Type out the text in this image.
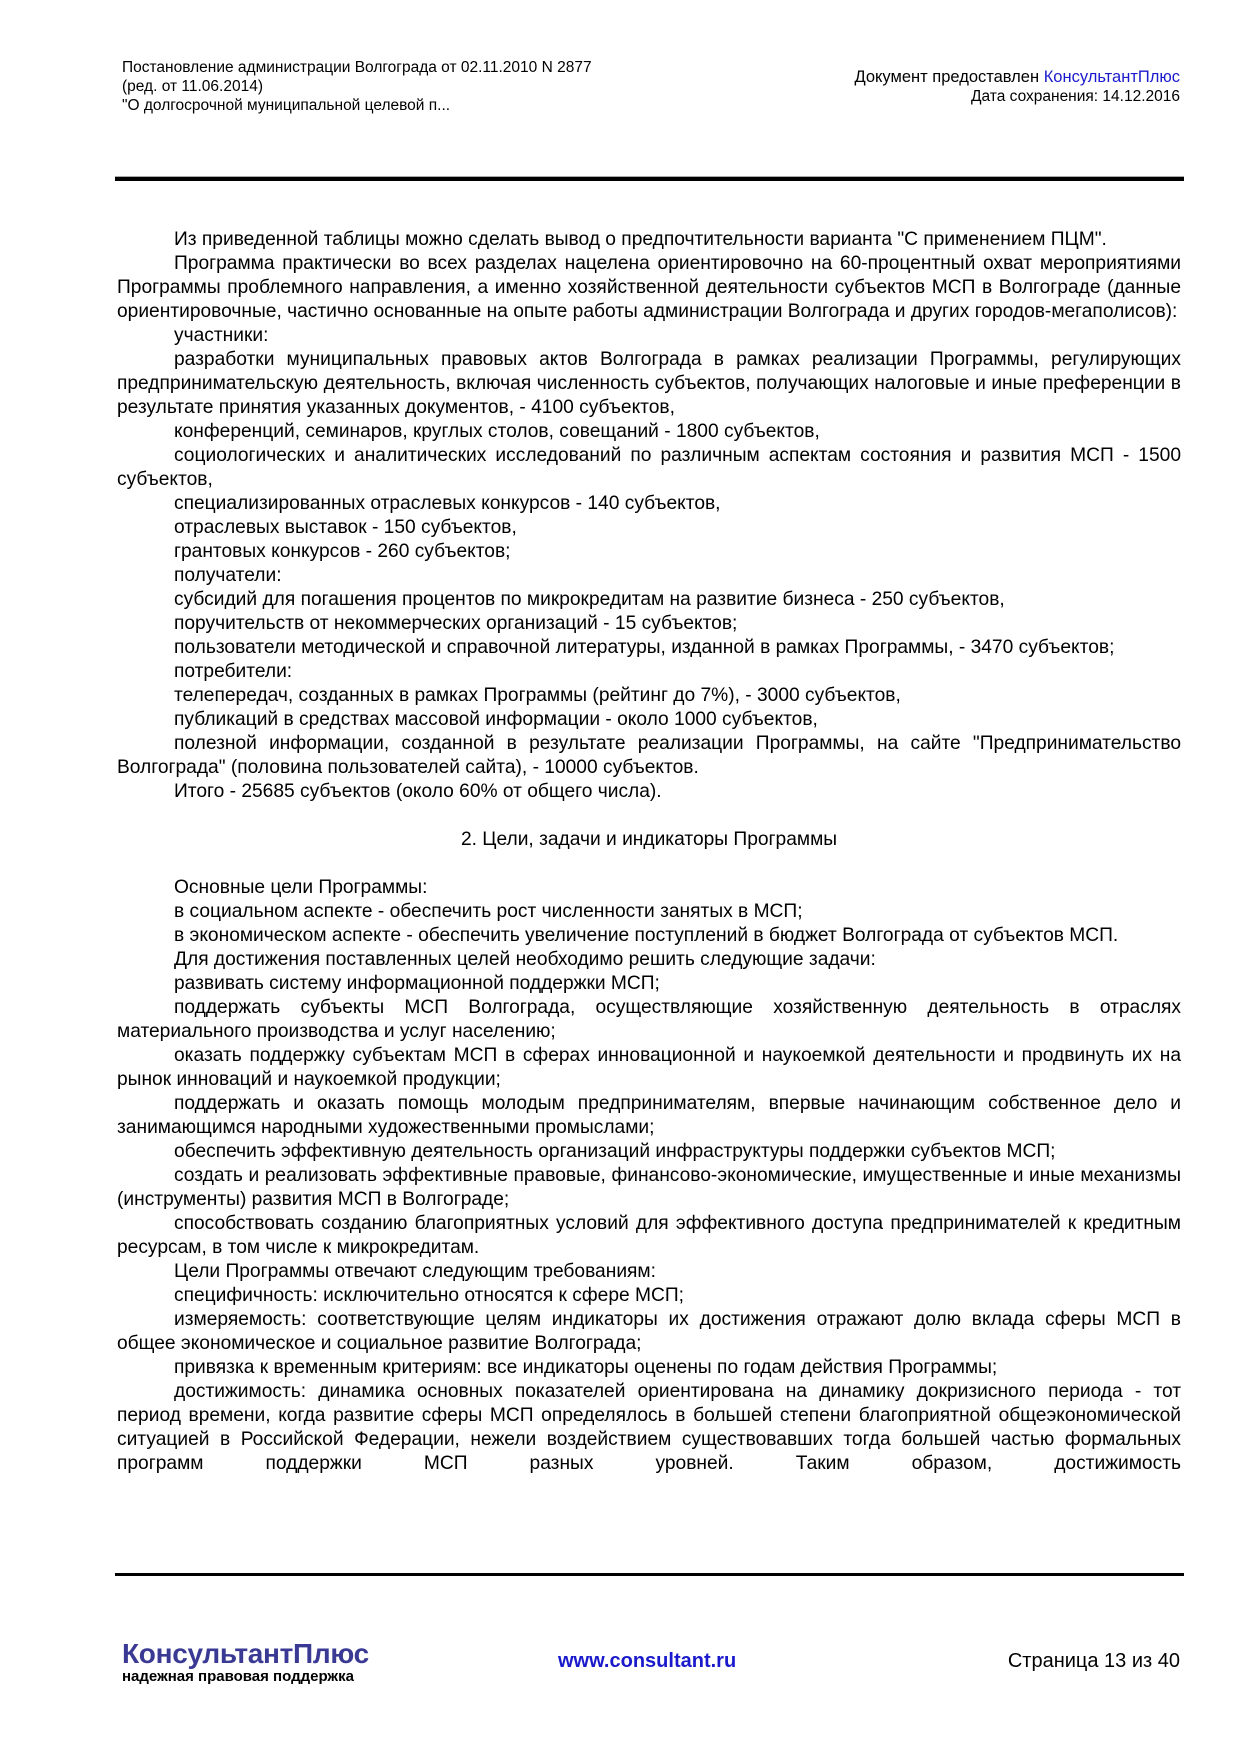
Постановление администрации Волгограда от 02.11.2010 N 2877
(ред. от 11.06.2014)
"О долгосрочной муниципальной целевой п...
Документ предоставлен КонсультантПлюс
Дата сохранения: 14.12.2016

Из приведенной таблицы можно сделать вывод о предпочтительности варианта "С применением ПЦМ".

Программа практически во всех разделах нацелена ориентировочно на 60-процентный охват мероприятиями Программы проблемного направления, а именно хозяйственной деятельности субъектов МСП в Волгограде (данные ориентировочные, частично основанные на опыте работы администрации Волгограда и других городов-мегаполисов):

участники:

разработки муниципальных правовых актов Волгограда в рамках реализации Программы, регулирующих предпринимательскую деятельность, включая численность субъектов, получающих налоговые и иные преференции в результате принятия указанных документов, - 4100 субъектов,

конференций, семинаров, круглых столов, совещаний - 1800 субъектов,

социологических и аналитических исследований по различным аспектам состояния и развития МСП - 1500 субъектов,

специализированных отраслевых конкурсов - 140 субъектов,

отраслевых выставок - 150 субъектов,

грантовых конкурсов - 260 субъектов;

получатели:

субсидий для погашения процентов по микрокредитам на развитие бизнеса - 250 субъектов,

поручительств от некоммерческих организаций - 15 субъектов;

пользователи методической и справочной литературы, изданной в рамках Программы, - 3470 субъектов;

потребители:

телепередач, созданных в рамках Программы (рейтинг до 7%), - 3000 субъектов,

публикаций в средствах массовой информации - около 1000 субъектов,

полезной информации, созданной в результате реализации Программы, на сайте "Предпринимательство Волгограда" (половина пользователей сайта), - 10000 субъектов.

Итого - 25685 субъектов (около 60% от общего числа).

2. Цели, задачи и индикаторы Программы

Основные цели Программы:

в социальном аспекте - обеспечить рост численности занятых в МСП;

в экономическом аспекте - обеспечить увеличение поступлений в бюджет Волгограда от субъектов МСП.

Для достижения поставленных целей необходимо решить следующие задачи:

развивать систему информационной поддержки МСП;

поддержать субъекты МСП Волгограда, осуществляющие хозяйственную деятельность в отраслях материального производства и услуг населению;

оказать поддержку субъектам МСП в сферах инновационной и наукоемкой деятельности и продвинуть их на рынок инноваций и наукоемкой продукции;

поддержать и оказать помощь молодым предпринимателям, впервые начинающим собственное дело и занимающимся народными художественными промыслами;

обеспечить эффективную деятельность организаций инфраструктуры поддержки субъектов МСП;

создать и реализовать эффективные правовые, финансово-экономические, имущественные и иные механизмы (инструменты) развития МСП в Волгограде;

способствовать созданию благоприятных условий для эффективного доступа предпринимателей к кредитным ресурсам, в том числе к микрокредитам.

Цели Программы отвечают следующим требованиям:

специфичность: исключительно относятся к сфере МСП;

измеряемость: соответствующие целям индикаторы их достижения отражают долю вклада сферы МСП в общее экономическое и социальное развитие Волгограда;

привязка к временным критериям: все индикаторы оценены по годам действия Программы;

достижимость: динамика основных показателей ориентирована на динамику докризисного периода - тот период времени, когда развитие сферы МСП определялось в большей степени благоприятной общеэкономической ситуацией в Российской Федерации, нежели воздействием существовавших тогда большей частью формальных программ поддержки МСП разных уровней. Таким образом, достижимость

КонсультантПлюс
надежная правовая поддержка
www.consultant.ru	Страница 13 из 40
